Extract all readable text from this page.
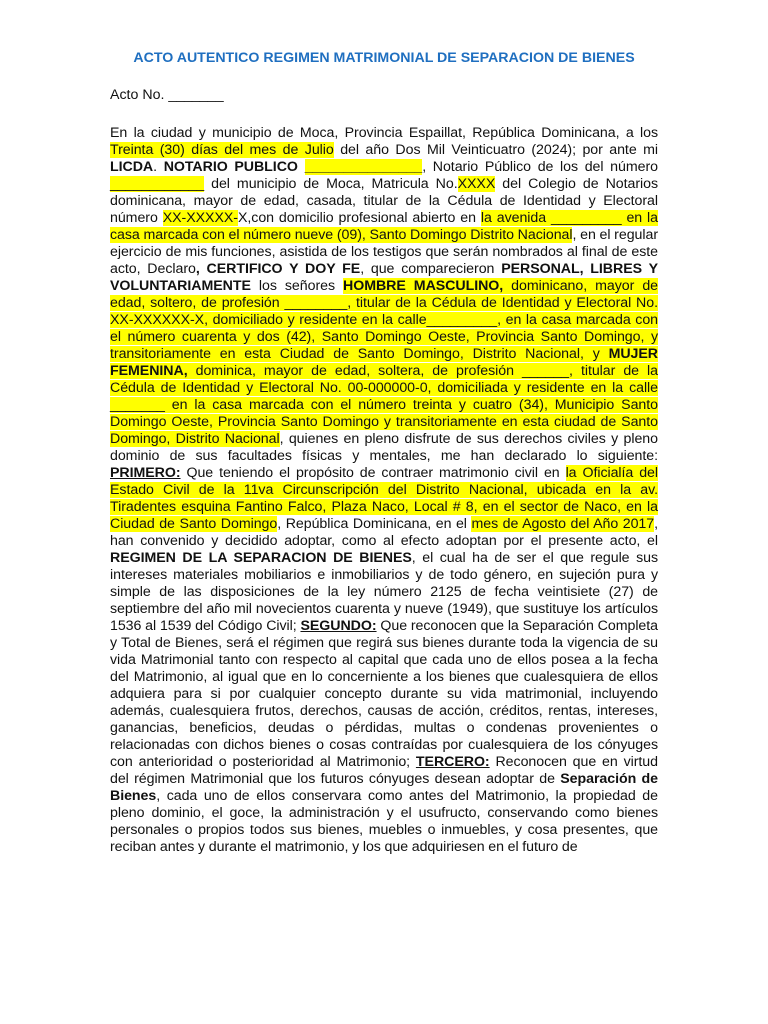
ACTO AUTENTICO REGIMEN MATRIMONIAL DE SEPARACION DE BIENES
Acto No. _______
En la ciudad y municipio de Moca, Provincia Espaillat, República Dominicana, a los Treinta (30) días del mes de Julio del año Dos Mil Veinticuatro (2024); por ante mi LICDA. NOTARIO PUBLICO _______________, Notario Público de los del número ____________ del municipio de Moca, Matricula No.XXXX del Colegio de Notarios dominicana, mayor de edad, casada, titular de la Cédula de Identidad y Electoral número XX-XXXXX-X,con domicilio profesional abierto en la avenida _________ en la casa marcada con el número nueve (09), Santo Domingo Distrito Nacional, en el regular ejercicio de mis funciones, asistida de los testigos que serán nombrados al final de este acto, Declaro, CERTIFICO Y DOY FE, que comparecieron PERSONAL, LIBRES Y VOLUNTARIAMENTE los señores HOMBRE MASCULINO, dominicano, mayor de edad, soltero, de profesión ________, titular de la Cédula de Identidad y Electoral No. XX-XXXXXX-X, domiciliado y residente en la calle_________, en la casa marcada con el número cuarenta y dos (42), Santo Domingo Oeste, Provincia Santo Domingo, y transitoriamente en esta Ciudad de Santo Domingo, Distrito Nacional, y MUJER FEMENINA, dominica, mayor de edad, soltera, de profesión ______, titular de la Cédula de Identidad y Electoral No. 00-000000-0, domiciliada y residente en la calle _______ en la casa marcada con el número treinta y cuatro (34), Municipio Santo Domingo Oeste, Provincia Santo Domingo y transitoriamente en esta ciudad de Santo Domingo, Distrito Nacional, quienes en pleno disfrute de sus derechos civiles y pleno dominio de sus facultades físicas y mentales, me han declarado lo siguiente: PRIMERO: Que teniendo el propósito de contraer matrimonio civil en la Oficialía del Estado Civil de la 11va Circunscripción del Distrito Nacional, ubicada en la av. Tiradentes esquina Fantino Falco, Plaza Naco, Local # 8, en el sector de Naco, en la Ciudad de Santo Domingo, República Dominicana, en el mes de Agosto del Año 2017, han convenido y decidido adoptar, como al efecto adoptan por el presente acto, el REGIMEN DE LA SEPARACION DE BIENES, el cual ha de ser el que regule sus intereses materiales mobiliarios e inmobiliarios y de todo género, en sujeción pura y simple de las disposiciones de la ley número 2125 de fecha veintisiete (27) de septiembre del año mil novecientos cuarenta y nueve (1949), que sustituye los artículos 1536 al 1539 del Código Civil; SEGUNDO: Que reconocen que la Separación Completa y Total de Bienes, será el régimen que regirá sus bienes durante toda la vigencia de su vida Matrimonial tanto con respecto al capital que cada uno de ellos posea a la fecha del Matrimonio, al igual que en lo concerniente a los bienes que cualesquiera de ellos adquiera para si por cualquier concepto durante su vida matrimonial, incluyendo además, cualesquiera frutos, derechos, causas de acción, créditos, rentas, intereses, ganancias, beneficios, deudas o pérdidas, multas o condenas provenientes o relacionadas con dichos bienes o cosas contraídas por cualesquiera de los cónyuges con anterioridad o posterioridad al Matrimonio; TERCERO: Reconocen que en virtud del régimen Matrimonial que los futuros cónyuges desean adoptar de Separación de Bienes, cada uno de ellos conservara como antes del Matrimonio, la propiedad de pleno dominio, el goce, la administración y el usufructo, conservando como bienes personales o propios todos sus bienes, muebles o inmuebles, y cosa presentes, que reciban antes y durante el matrimonio, y los que adquiriesen en el futuro de
